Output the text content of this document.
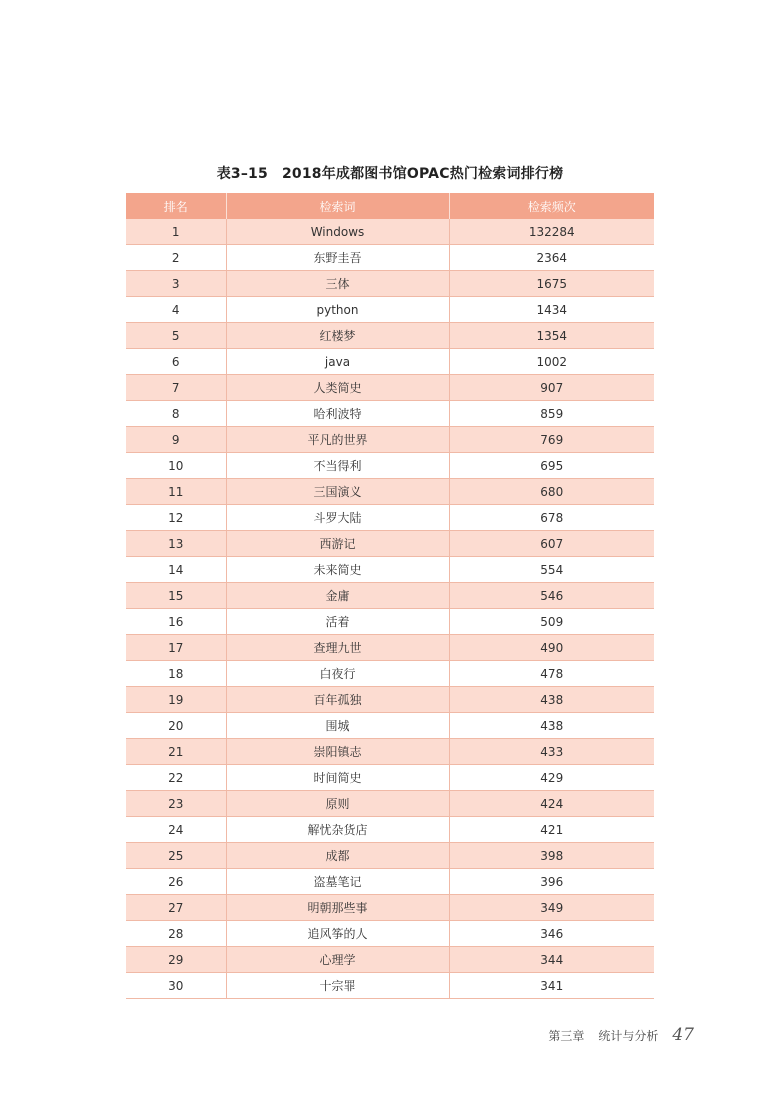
表3–15 2018年成都图书馆OPAC热门检索词排行榜
排名	检索词	检索频次
1	Windows	132284
2	东野圭吾	2364
3	三体	1675
4	python	1434
5	红楼梦	1354
6	java	1002
7	人类简史	907
8	哈利波特	859
9	平凡的世界	769
10	不当得利	695
11	三国演义	680
12	斗罗大陆	678
13	西游记	607
14	未来简史	554
15	金庸	546
16	活着	509
17	查理九世	490
18	白夜行	478
19	百年孤独	438
20	围城	438
21	崇阳镇志	433
22	时间简史	429
23	原则	424
24	解忧杂货店	421
25	成都	398
26	盗墓笔记	396
27	明朝那些事	349
28	追风筝的人	346
29	心理学	344
30	十宗罪	341
第三章 统计与分析 47
